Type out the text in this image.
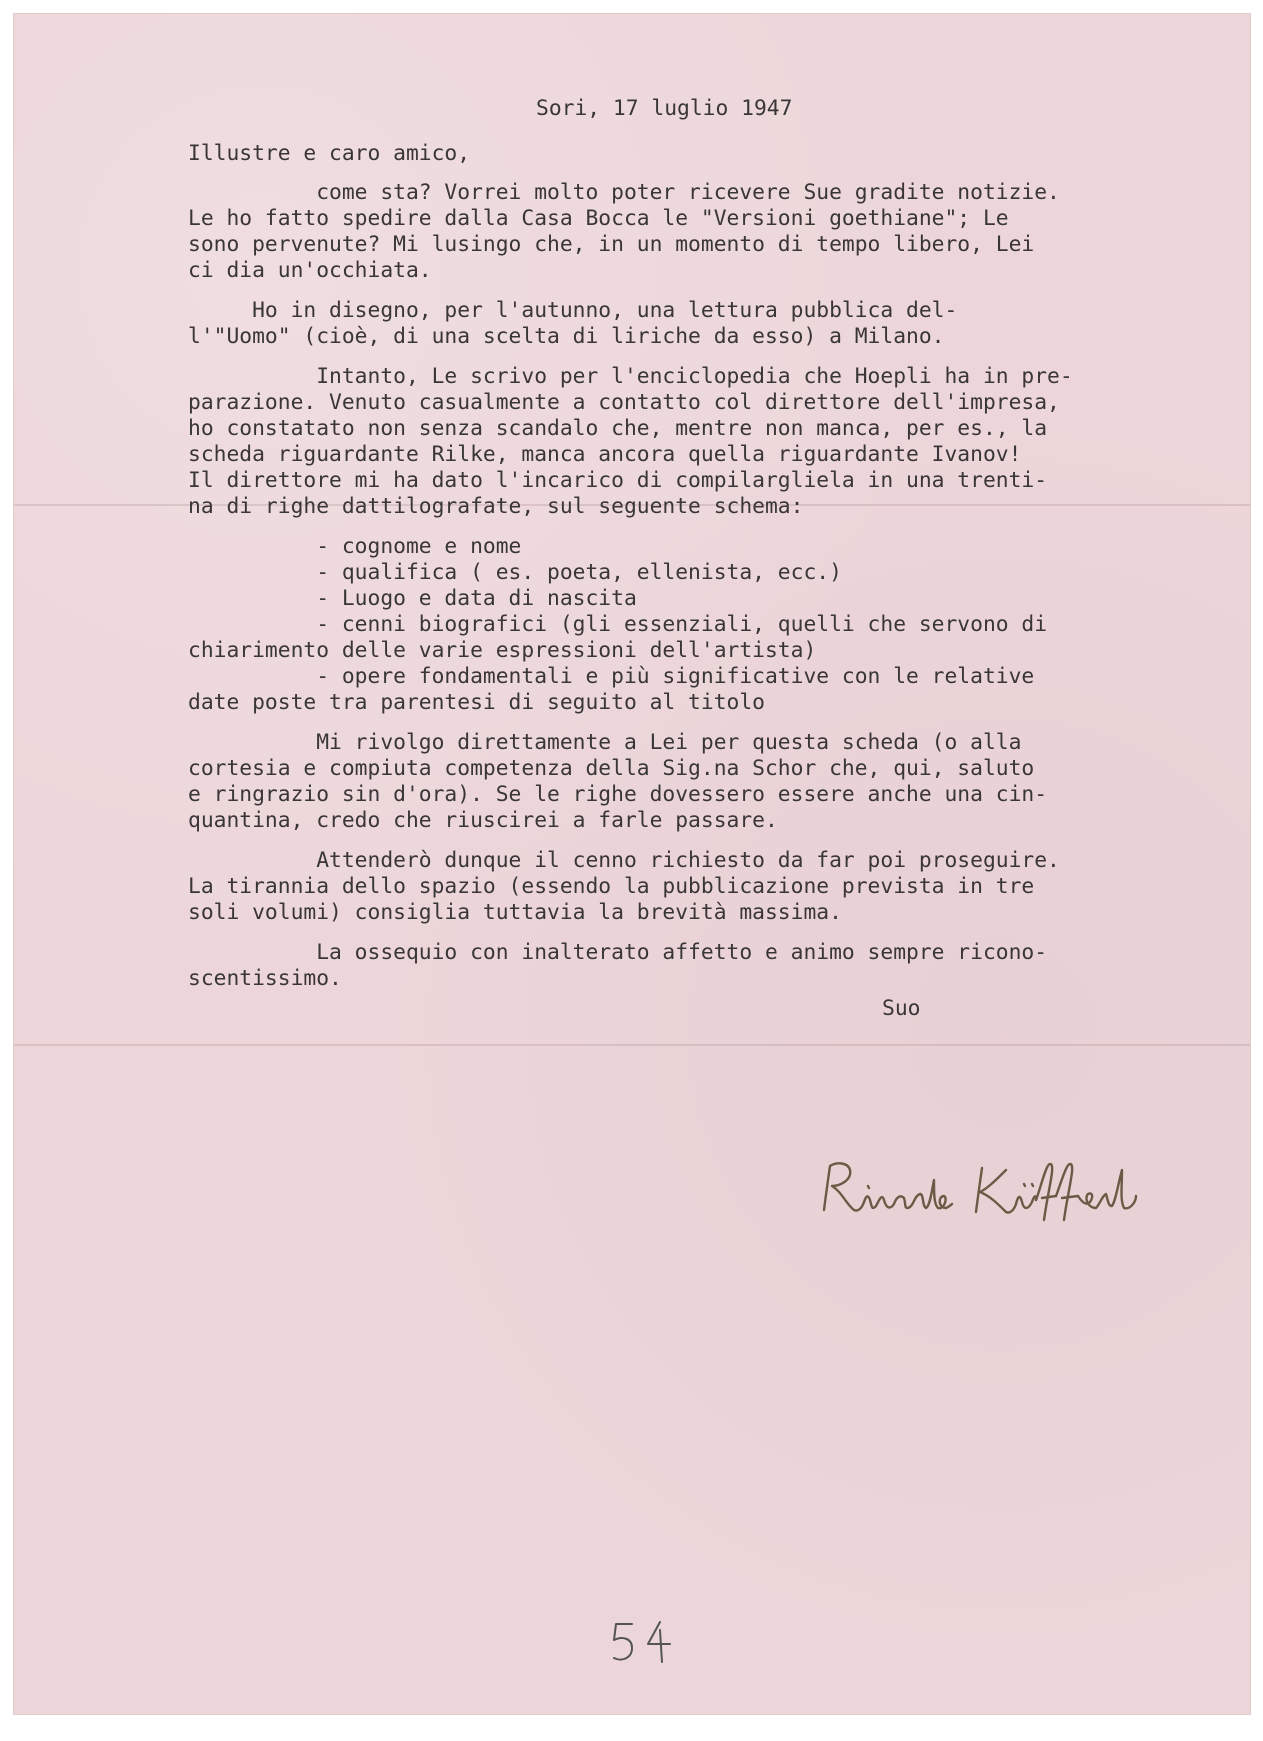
Sori, 17 luglio 1947
Illustre e caro amico,
come sta? Vorrei molto poter ricevere Sue gradite notizie.
Le ho fatto spedire dalla Casa Bocca le "Versioni goethiane"; Le
sono pervenute? Mi lusingo che, in un momento di tempo libero, Lei
ci dia un'occhiata.
Ho in disegno, per l'autunno, una lettura pubblica del-
l'"Uomo" (cioè, di una scelta di liriche da esso) a Milano.
Intanto, Le scrivo per l'enciclopedia che Hoepli ha in pre-
parazione. Venuto casualmente a contatto col direttore dell'impresa,
ho constatato non senza scandalo che, mentre non manca, per es., la
scheda riguardante Rilke, manca ancora quella riguardante Ivanov!
Il direttore mi ha dato l'incarico di compilargliela in una trenti-
na di righe dattilografate, sul seguente schema:
- cognome e nome
- qualifica ( es. poeta, ellenista, ecc.)
- Luogo e data di nascita
- cenni biografici (gli essenziali, quelli che servono di
chiarimento delle varie espressioni dell'artista)
- opere fondamentali e più significative con le relative
date poste tra parentesi di seguito al titolo
Mi rivolgo direttamente a Lei per questa scheda (o alla
cortesia e compiuta competenza della Sig.na Schor che, qui, saluto
e ringrazio sin d'ora). Se le righe dovessero essere anche una cin-
quantina, credo che riuscirei a farle passare.
Attenderò dunque il cenno richiesto da far poi proseguire.
La tirannia dello spazio (essendo la pubblicazione prevista in tre
soli volumi) consiglia tuttavia la brevità massima.
La ossequio con inalterato affetto e animo sempre ricono-
scentissimo.
Suo
